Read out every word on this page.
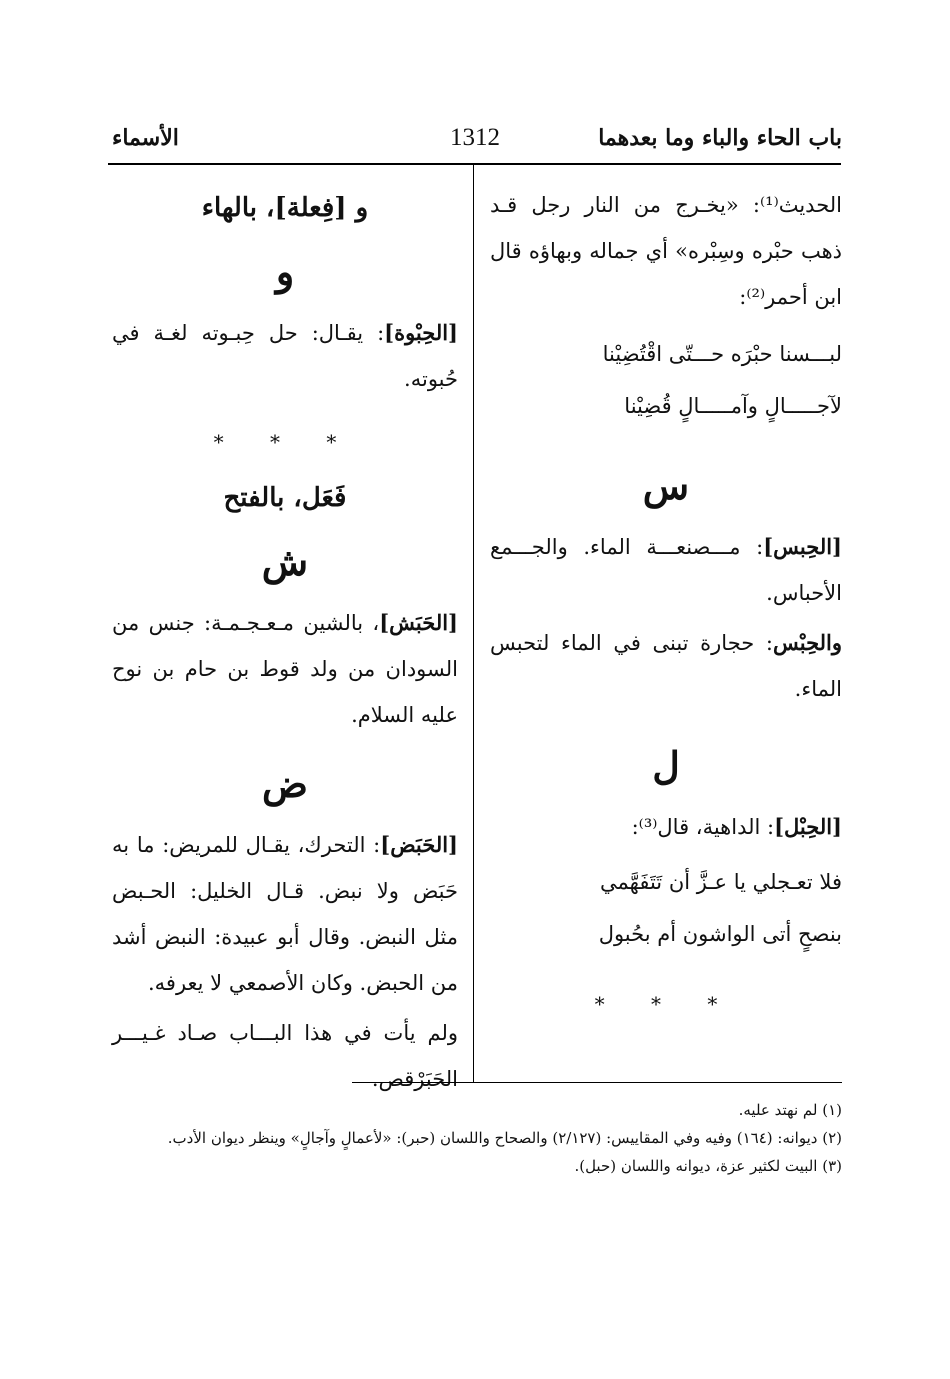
باب الحاء والباء وما بعدهما
1312
الأسماء

الحديث⁽¹⁾: «يخـرج من النار رجل قـد ذهب حبْره وسِبْره» أي جماله وبهاؤه قال ابن أحمر⁽²⁾:

لبـــسنا حبْرَه حـــتّى اقْتُضِيْنا

لآجـــــالٍ وآمـــــالٍ قُضِيْنا

س

[الحِبس]: مـــصنعـــة الماء. والجـــمع الأحباس.

والحِبْس: حجارة تبنى في الماء لتحبس الماء.

ل

[الحِبْل]: الداهية، قال⁽³⁾:

فلا تعـجلي يا عـزَّ أن تَتَفَهَّمي

بنصحٍ أتى الواشون أم بحُبول

* * *
و [فِعلة]، بالهاء
و

[الحِبْوة]: يقـال: حل حِبـوته لغـة في حُبوته.

* * *
فَعَل، بالفتح
ش

[الحَبَش]، بالشين مـعـجـمـة: جنس من السودان من ولد قوط بن حام بن نوح عليه السلام.

ض

[الحَبَض]: التحرك، يقـال للمريض: ما به حَبَض ولا نبض. قـال الخليل: الحـبض مثل النبض. وقال أبو عبيدة: النبض أشد من الحبض. وكان الأصمعي لا يعرفه.

ولم يأت في هذا البـــاب صـاد غـيـــر الحَبَرْقص.

(١) لم نهتد عليه.

(٢) ديوانه: (١٦٤) وفيه وفي المقاييس: (٢/١٢٧) والصحاح واللسان (حبر): «لأعمالٍ وآجالٍ» وينظر ديوان الأدب.

(٣) البيت لكثير عزة، ديوانه واللسان (حبل).
